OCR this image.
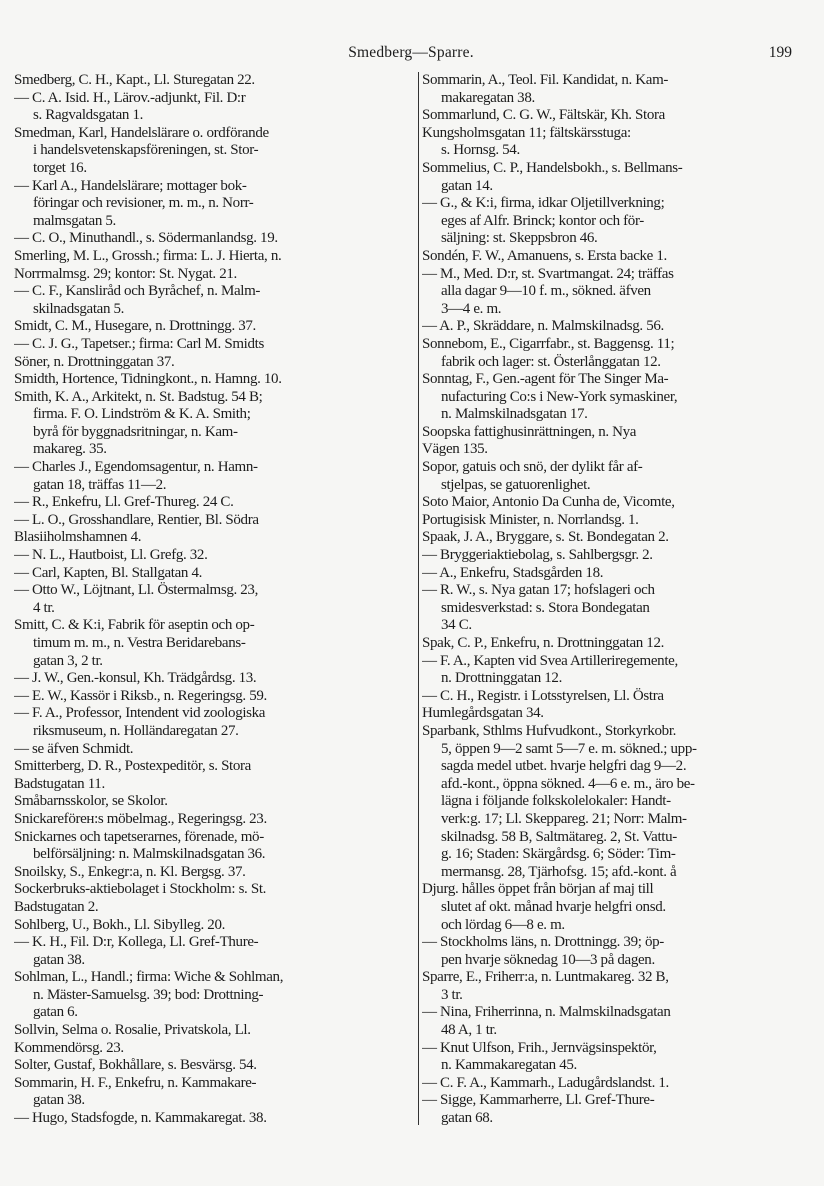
Smedberg—Sparre.	199
Smedberg, C. H., Kapt., Ll. Sturegatan 22.
— C. A. Isid. H., Lärov.-adjunkt, Fil. D:r
s. Ragvaldsgatan 1.
Smedman, Karl, Handelslärare o. ordförande
i handelsvetenskapsföreningen, st. Stor-
torget 16.
— Karl A., Handelslärare; mottager bok-
föringar och revisioner, m. m., n. Norr-
malmsgatan 5.
— C. O., Minuthandl., s. Södermanlandsg. 19.
Smerling, M. L., Grossh.; firma: L. J. Hierta, n.
Norrmalmsg. 29; kontor: St. Nygat. 21.
— C. F., Kanslіråd och Byråchef, n. Malm-
skilnadsgatan 5.
Smidt, C. M., Husegare, n. Drottningg. 37.
— C. J. G., Tapetser.; firma: Carl M. Smidts
Söner, n. Drottninggatan 37.
Smidth, Hortence, Tidningkont., n. Hamng. 10.
Smith, K. A., Arkitekt, n. St. Badstug. 54 B;
firma. F. O. Lindström & K. A. Smith;
byrå för byggnadsritningar, n. Kam-
makareg. 35.
— Charles J., Egendomsagentur, n. Hamn-
gatan 18, träffas 11—2.
— R., Enkefru, Ll. Gref-Thureg. 24 C.
— L. O., Grosshandlare, Rentier, Bl. Södra
Blasiiholmshamnen 4.
— N. L., Hautboist, Ll. Grefg. 32.
— Carl, Kapten, Bl. Stallgatan 4.
— Otto W., Löjtnant, Ll. Östermalmsg. 23,
4 tr.
Smitt, C. & K:i, Fabrik för aseptin och op-
timum m. m., n. Vestra Beridarebans-
gatan 3, 2 tr.
— J. W., Gen.-konsul, Kh. Trädgårdsg. 13.
— E. W., Kassör i Riksb., n. Regeringsg. 59.
— F. A., Professor, Intendent vid zoologiska
riksmuseum, n. Holländaregatan 27.
— se äfven Schmidt.
Smitterberg, D. R., Postexpeditör, s. Stora
Badstugatan 11.
Småbarnsskolor, se Skolor.
Snickareförен:s möbelmag., Regeringsg. 23.
Snickarnes och tapetserarnes, förenade, mö-
belförsäljning: n. Malmskilnadsgatan 36.
Snoilsky, S., Enkegr:a, n. Kl. Bergsg. 37.
Sockerbruks-aktiebolaget i Stockholm: s. St.
Badstugatan 2.
Sohlberg, U., Bokh., Ll. Sibylleg. 20.
— K. H., Fil. D:r, Kollega, Ll. Gref-Thure-
gatan 38.
Sohlman, L., Handl.; firma: Wiche & Sohlman,
n. Mäster-Samuelsg. 39; bod: Drottning-
gatan 6.
Sollvin, Selma o. Rosalie, Privatskola, Ll.
Kommendörsg. 23.
Solter, Gustaf, Bokhållare, s. Besvärsg. 54.
Sommarin, H. F., Enkefru, n. Kammakare-
gatan 38.
— Hugo, Stadsfogde, n. Kammakaregat. 38.
Sommarin, A., Teol. Fil. Kandidat, n. Kam-
makaregatan 38.
Sommarlund, C. G. W., Fältskär, Kh. Stora
Kungsholmsgatan 11; fältskärsstuga:
s. Hornsg. 54.
Sommelius, C. P., Handelsbokh., s. Bellmans-
gatan 14.
— G., & K:i, firma, idkar Oljetillverkning;
eges af Alfr. Brinck; kontor och för-
säljning: st. Skeppsbron 46.
Sondén, F. W., Amanuens, s. Ersta backe 1.
— M., Med. D:r, st. Svartmangat. 24; träffas
alla dagar 9—10 f. m., sökned. äfven
3—4 e. m.
— A. P., Skräddare, n. Malmskilnadsg. 56.
Sonnebom, E., Cigarrfabr., st. Baggensg. 11;
fabrik och lager: st. Österlånggatan 12.
Sonntag, F., Gen.-agent för The Singer Ma-
nufacturing Co:s i New-York symaskiner,
n. Malmskilnadsgatan 17.
Soopska fattighusinrättningen, n. Nya
Vägen 135.
Sopor, gatuis och snö, der dylikt får af-
stjelpas, se gatuorenlighet.
Soto Maior, Antonio Da Cunha de, Vicomte,
Portugisisk Minister, n. Norrlandsg. 1.
Spaak, J. A., Bryggare, s. St. Bondegatan 2.
— Bryggeriaktiebolag, s. Sahlbergsgr. 2.
— A., Enkefru, Stadsgården 18.
— R. W., s. Nya gatan 17; hofslageri och
smidesverkstad: s. Stora Bondegatan
34 C.
Spak, C. P., Enkefru, n. Drottninggatan 12.
— F. A., Kapten vid Svea Artilleriregemente,
n. Drottninggatan 12.
— C. H., Registr. i Lotsstyrelsen, Ll. Östra
Humlegårdsgatan 34.
Sparbank, Sthlms Hufvudkont., Storkyrkobr.
5, öppen 9—2 samt 5—7 e. m. sökned.; upp-
sagda medel utbet. hvarje helgfri dag 9—2.
afd.-kont., öppna sökned. 4—6 e. m., äro be-
lägna i följande folkskolelokaler: Handt-
verk:g. 17; Ll. Skeppareg. 21; Norr: Malm-
skilnadsg. 58 B, Saltmätareg. 2, St. Vattu-
g. 16; Staden: Skärgårdsg. 6; Söder: Tim-
mermansg. 28, Tjärhofsg. 15; afd.-kont. å
Djurg. hålles öppet från början af maj till
slutet af okt. månad hvarje helgfri onsd.
och lördag 6—8 e. m.
— Stockholms läns, n. Drottningg. 39; öp-
pen hvarje söknedag 10—3 på dagen.
Sparre, E., Friherr:a, n. Luntmakareg. 32 B,
3 tr.
— Nina, Friherrinna, n. Malmskilnadsgatan
48 A, 1 tr.
— Knut Ulfson, Frih., Jernvägsinspektör,
n. Kammakaregatan 45.
— C. F. A., Kammarh., Ladugårdslandst. 1.
— Sigge, Kammarherre, Ll. Gref-Thure-
gatan 68.
